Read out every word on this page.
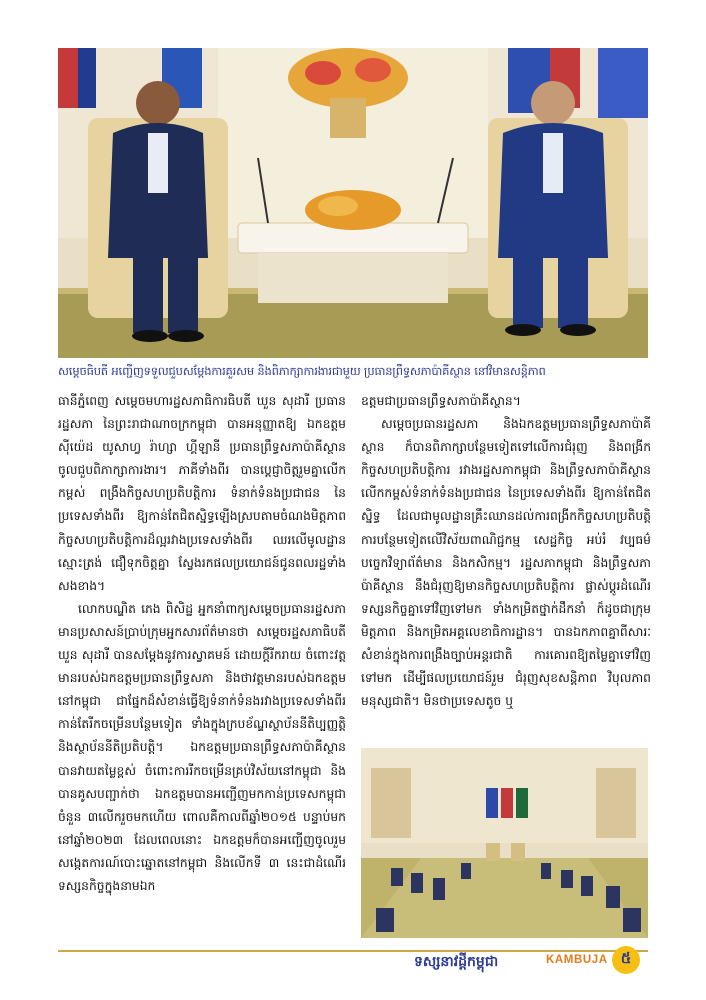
សម្តេចធិបតី អញ្ជើញទទួលជួបសម្តែងការគួរសម និងពិភាក្សាការងារជាមួយ ប្រធានព្រឹទ្ធសភាប៉ាគីស្ថាន នៅវិមានសន្តិភាព

ធានីភ្នំពេញ សម្តេចមហារដ្ឋសភាធិការធិបតី ឃួន សុដារី ប្រធានរដ្ឋសភា នៃព្រះរាជាណាចក្រកម្ពុជា បានអនុញ្ញាតឱ្យ ឯកឧត្តម ស៊ីយ៉េដ យូសាហ្វ រ៉ាហ្សា ហ្គីឡានី ប្រធានព្រឹទ្ធសភាប៉ាគីស្ថាន ចូលជួបពិភាក្សាការងារ។ ភាគីទាំងពីរ បានប្តេជ្ញាចិត្តរួមគ្នាលើកកម្ពស់ ពង្រឹងកិច្ចសហប្រតិបត្តិការ ទំនាក់ទំនងប្រជាជន នៃប្រទេសទាំងពីរ ឱ្យកាន់តែជិតស្និទ្ធឡើងស្របតាមចំណងមិត្តភាព កិច្ចសហប្រតិបត្តិការដ៏ល្អរវាងប្រទេសទាំងពីរ ឈរលើមូលដ្ឋាន ស្មោះត្រង់ ជឿទុកចិត្តគ្នា ស្វែងរកផលប្រយោជន៍ជូនពលរដ្ឋទាំងសងខាង។

លោកបណ្ឌិត ភេង ពិសិដ្ឋ អ្នកនាំពាក្យសម្តេចប្រធានរដ្ឋសភា មានប្រសាសន៍ប្រាប់ក្រុមអ្នកសារព័ត៌មានថា សម្តេចរដ្ឋសភាធិបតី ឃួន សុដារី បានសម្តែងនូវការស្វាគមន៍ ដោយក្តីរីករាយ ចំពោះវត្តមានរបស់ឯកឧត្តមប្រធានព្រឹទ្ធសភា និងថាវត្តមានរបស់ឯកឧត្តមនៅកម្ពុជា ជាផ្នែកដ៏សំខាន់ធ្វើឱ្យទំនាក់ទំនងរវាងប្រទេសទាំងពីរ កាន់តែរីកចម្រើនបន្ថែមទៀត ទាំងក្នុងក្របខ័ណ្ឌស្ថាប័ននីតិប្បញ្ញត្តិ និងស្ថាប័ននីតិប្រតិបត្តិ។ ឯកឧត្តមប្រធានព្រឹទ្ធសភាប៉ាគីស្ថាន បានវាយតម្លៃខ្ពស់ ចំពោះការរីកចម្រើនគ្រប់វិស័យនៅកម្ពុជា និងបានគូសបញ្ជាក់ថា ឯកឧត្តមបានអញ្ជើញមកកាន់ប្រទេសកម្ពុជាចំនួន ៣លើករួចមកហើយ ពោលគឺកាលពីឆ្នាំ២០១៥ បន្ទាប់មកនៅឆ្នាំ២០២៣ ដែលពេលនោះ ឯកឧត្តមក៏បានអញ្ជើញចូលរួមសង្កេតការណ៍បោះឆ្នោតនៅកម្ពុជា និងលើកទី ៣ នេះជាដំណើរទស្សនកិច្ចក្នុងនាមឯក

ឧត្តមជាប្រធានព្រឹទ្ធសភាប៉ាគីស្ថាន។

សម្តេចប្រធានរដ្ឋសភា និងឯកឧត្តមប្រធានព្រឹទ្ធសភាប៉ាគីស្ថាន ក៏បានពិភាក្សាបន្ថែមទៀតទៅលើការជំរុញ និងពង្រីកកិច្ចសហប្រតិបត្តិការ រវាងរដ្ឋសភាកម្ពុជា និងព្រឹទ្ធសភាប៉ាគីស្ថាន លើកកម្ពស់ទំនាក់ទំនងប្រជាជន នៃប្រទេសទាំងពីរ ឱ្យកាន់តែជិតស្និទ្ធ ដែលជាមូលដ្ឋានគ្រឹះឈានដល់ការពង្រីកកិច្ចសហប្រតិបត្តិការបន្ថែមទៀតលើវិស័យពាណិជ្ជកម្ម សេដ្ឋកិច្ច អប់រំ វប្បធម៌ បច្ចេកវិទ្យាព័ត៌មាន និងកសិកម្ម។ រដ្ឋសភាកម្ពុជា និងព្រឹទ្ធសភាប៉ាគីស្ថាន នឹងជំរុញឱ្យមានកិច្ចសហប្រតិបត្តិការ ផ្លាស់ប្តូរដំណើរទស្សនកិច្ចគ្នាទៅវិញទៅមក ទាំងកម្រិតថ្នាក់ដឹកនាំ ក៏ដូចជាក្រុមមិត្តភាព និងកម្រិតអគ្គលេខាធិការដ្ឋាន។ បានឯកភាពគ្នាពីសារៈសំខាន់ក្នុងការពង្រឹងច្បាប់អន្តរជាតិ ការគោរពឱ្យតម្លៃគ្នាទៅវិញទៅមក ដើម្បីផលប្រយោជន៍រួម ជំរុញសុខសន្តិភាព វិបុលភាពមនុស្សជាតិ។ មិនថាប្រទេសតូច ឬ

ទស្សនាវដ្តីកម្ពុជា	KAMBUJA ៥
